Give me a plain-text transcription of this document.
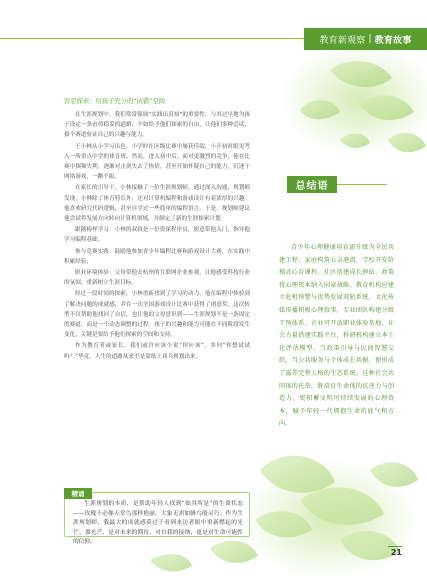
教育新观察 | 教育故事
容忍探索：给孩子充分的“试错”空间

在生涯规划中，我们常常强调“实践出真知”的重要性，与其过早地为孩子设定一条看似稳妥的道路，不如给予他们探索的自由，让他们多种尝试，拔个赛道验证自己的兴趣与能力。

王小林从小学习出色，小学时在区级比赛中屡获佳绩，小升初时眼见考入一所重点中学的体育班。然而，进入初中后，面对更激烈的竞争，他在比赛中频频失利，逐渐对击剑失去了热情，甚至开始怀疑自己的能力，沉迷于网络游戏，一蹶不振。

在家长的引导下，小林接触了一位生涯规划师，通过深入沟通，规划师发现，小林除了体育特长外，还对计算机编程和游戏设计有着浓厚的兴趣。他喜欢研究代码逻辑，甚至自学过一些简单的编程语言。于是，规划师建议他尝试将发展方向转向计算机领域，并制定了新的生涯探索计划：

跟随榜样学习：小林的叔叔是一位资深程序员，愿意带他入门，指导他学习编程基础；

参与竞赛实践：鼓励他参加青少年编程比赛和游戏设计大赛，在实践中积累经验；

职业环境体验：父母带他去杭州的互联网企业参观，让他感受科技行业的氛围，重新树立生涯目标。

经过一段时间的探索，小林重新找到了学习的动力。他在编程中体验到了解决问题的成就感，并在一次全国游戏设计比赛中获得了创意奖。这次转型不仅帮助他找回了自信，也让他的父母意识到——生涯规划不是一条固定的赛道，而是一个动态调整的过程。孩子的兴趣和能力可能在不同阶段发生变化，关键是要给予他们探索的空间和支持。

作为教育者或家长，我们或许应该少说“你应该”，多问“你想试试吗？”毕竟，人生的道路从来不是靠纸上谈兵规划出来。

总结语

青少年心理健康培育需升级为全民共建工程：家庭构筑心灵港湾，学校开发阶梯式心育课程，社区创建成长驿站，政策将心理资本纳入国家战略。教育机构应建立危机预警与优势发展双轨系统，文化传媒传播积极心理叙事，专业团队构建分级干预体系。企业可开放职业体验基地，社会力量搭建实践平台，科研机构建立本土化评估模型。当政策引导与民间智慧交织，当公共服务与个体成长共振，便形成了滋养完整人格的生态系统。这种社会共同体的托举，既培育生命体的抗逆力与创造力，更积蓄文明可持续发展的心理资本，赋予年轻一代拥抱生命的底气和方向。

生涯规划的本质，是帮助年轻人找到“如其所是”的生命状态——玫瑰不必像天堂鸟那样艳丽，大象无需如蜂鸟般灵巧。作为生涯规划师，我最大的成就感莫过于看到来访者眼中重新燃起的光芒。那光芒，是对未来的期待，对自我的接纳，更是对生命可能性的信仰。

精诵
21
